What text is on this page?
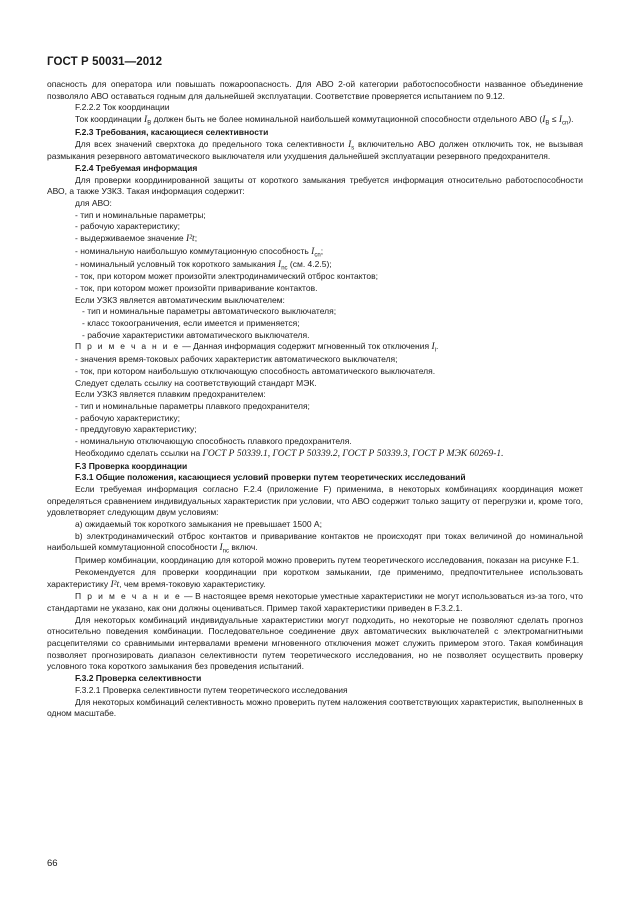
ГОСТ Р 50031—2012

опасность для оператора или повышать пожароопасность. Для АВО 2-ой категории работоспособности названное объединение позволяло АВО оставаться годным для дальнейшей эксплуатации. Соответствие проверяется испытанием по 9.12.

F.2.2.2 Ток координации

Ток координации $I_B$ должен быть не более номинальной наибольшей коммутационной способности отдельного АВО $(I_B \le I_{cn})$.

F.2.3 Требования, касающиеся селективности

Для всех значений сверхтока до предельного тока селективности $I_s$ включительно АВО должен отключить ток, не вызывая размыкания резервного автоматического выключателя или ухудшения дальнейшей эксплуатации резервного предохранителя.

F.2.4 Требуемая информация

Для проверки координированной защиты от короткого замыкания требуется информация относительно работоспособности АВО, а также УЗКЗ. Такая информация содержит:

для АВО:

- тип и номинальные параметры;

- рабочую характеристику;

- выдерживаемое значение I²t;

- номинальную наибольшую коммутационную способность $I_{cn}$;

- номинальный условный ток короткого замыкания $I_{nc}$ (см. 4.2.5);

- ток, при котором может произойти электродинамический отброс контактов;

- ток, при котором может произойти приваривание контактов.

Если УЗКЗ является автоматическим выключателем:

- тип и номинальные параметры автоматического выключателя;

- класс токоограничения, если имеется и применяется;

- рабочие характеристики автоматического выключателя.

П р и м е ч а н и е — Данная информация содержит мгновенный ток отключения $I_i$.

- значения время-токовых рабочих характеристик автоматического выключателя;

- ток, при котором наибольшую отключающую способность автоматического выключателя.

Следует сделать ссылку на соответствующий стандарт МЭК.

Если УЗКЗ является плавким предохранителем:

- тип и номинальные параметры плавкого предохранителя;

- рабочую характеристику;

- преддуговую характеристику;

- номинальную отключающую способность плавкого предохранителя.

Необходимо сделать ссылки на ГОСТ Р 50339.1, ГОСТ Р 50339.2, ГОСТ Р 50339.3, ГОСТ Р МЭК 60269-1.

F.3 Проверка координации

F.3.1 Общие положения, касающиеся условий проверки путем теоретических исследований

Если требуемая информация согласно F.2.4 (приложение F) применима, в некоторых комбинациях координация может определяться сравнением индивидуальных характеристик при условии, что АВО содержит только защиту от перегрузки и, кроме того, удовлетворяет следующим двум условиям:

a) ожидаемый ток короткого замыкания не превышает 1500 А;

b) электродинамический отброс контактов и приваривание контактов не происходят при токах величиной до номинальной наибольшей коммутационной способности $I_{nc}$ включ.

Пример комбинации, координацию для которой можно проверить путем теоретического исследования, показан на рисунке F.1.

Рекомендуется для проверки координации при коротком замыкании, где применимо, предпочтительнее использовать характеристику I²t, чем время-токовую характеристику.

П р и м е ч а н и е — В настоящее время некоторые уместные характеристики не могут использоваться из-за того, что стандартами не указано, как они должны оцениваться. Пример такой характеристики приведен в F.3.2.1.

Для некоторых комбинаций индивидуальные характеристики могут подходить, но некоторые не позволяют сделать прогноз относительно поведения комбинации. Последовательное соединение двух автоматических выключателей с электромагнитными расцепителями со сравнимыми интервалами времени мгновенного отключения может служить примером этого. Такая комбинация позволяет прогнозировать диапазон селективности путем теоретического исследования, но не позволяет осуществить проверку условного тока короткого замыкания без проведения испытаний.

F.3.2 Проверка селективности

F.3.2.1 Проверка селективности путем теоретического исследования

Для некоторых комбинаций селективность можно проверить путем наложения соответствующих характеристик, выполненных в одном масштабе.

66
